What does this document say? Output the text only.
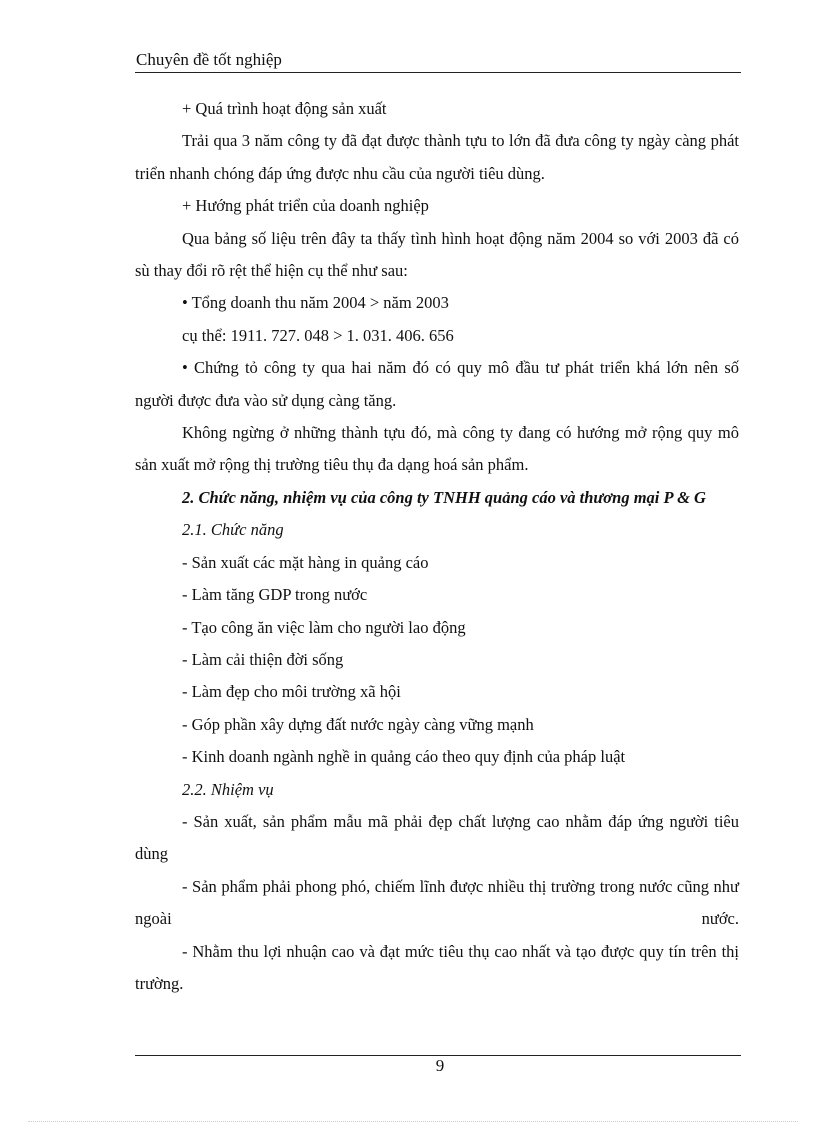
Chuyên đề tốt nghiệp

+ Quá trình hoạt động sản xuất

Trải qua 3 năm công ty đã đạt được thành tựu to lớn đã đưa công ty ngày càng phát triển nhanh chóng đáp ứng được nhu cầu của người tiêu dùng.

+ Hướng phát triển của doanh nghiệp

Qua bảng số liệu trên đây ta thấy tình hình hoạt động năm 2004 so với 2003 đã có sù thay đổi rõ rệt thể hiện cụ thể như sau:

• Tổng doanh thu năm 2004 > năm 2003

cụ thể: 1911. 727. 048 > 1. 031. 406. 656

• Chứng tỏ công ty qua hai năm đó có quy mô đầu tư phát triển khá lớn nên số người được đưa vào sử dụng càng tăng.

Không ngừng ở những thành tựu đó, mà công ty đang có hướng mở rộng quy mô sản xuất mở rộng thị trường tiêu thụ đa dạng hoá sản phẩm.

2. Chức năng, nhiệm vụ của công ty TNHH quảng cáo và thương mại P & G

2.1. Chức năng

- Sản xuất các mặt hàng in quảng cáo

- Làm tăng GDP trong nước

- Tạo công ăn việc làm cho người lao động

- Làm cải thiện đời sống

- Làm đẹp cho môi trường xã hội

- Góp phần xây dựng đất nước ngày càng vững mạnh

- Kinh doanh ngành nghề in quảng cáo theo quy định của pháp luật

2.2. Nhiệm vụ

- Sản xuất, sản phẩm mẫu mã phải đẹp chất lượng cao nhằm đáp ứng người tiêu dùng

- Sản phẩm phải phong phó, chiếm lĩnh được nhiều thị trường trong nước cũng như ngoài nước.

- Nhằm thu lợi nhuận cao và đạt mức tiêu thụ cao nhất và tạo được quy tín trên thị trường.

9
